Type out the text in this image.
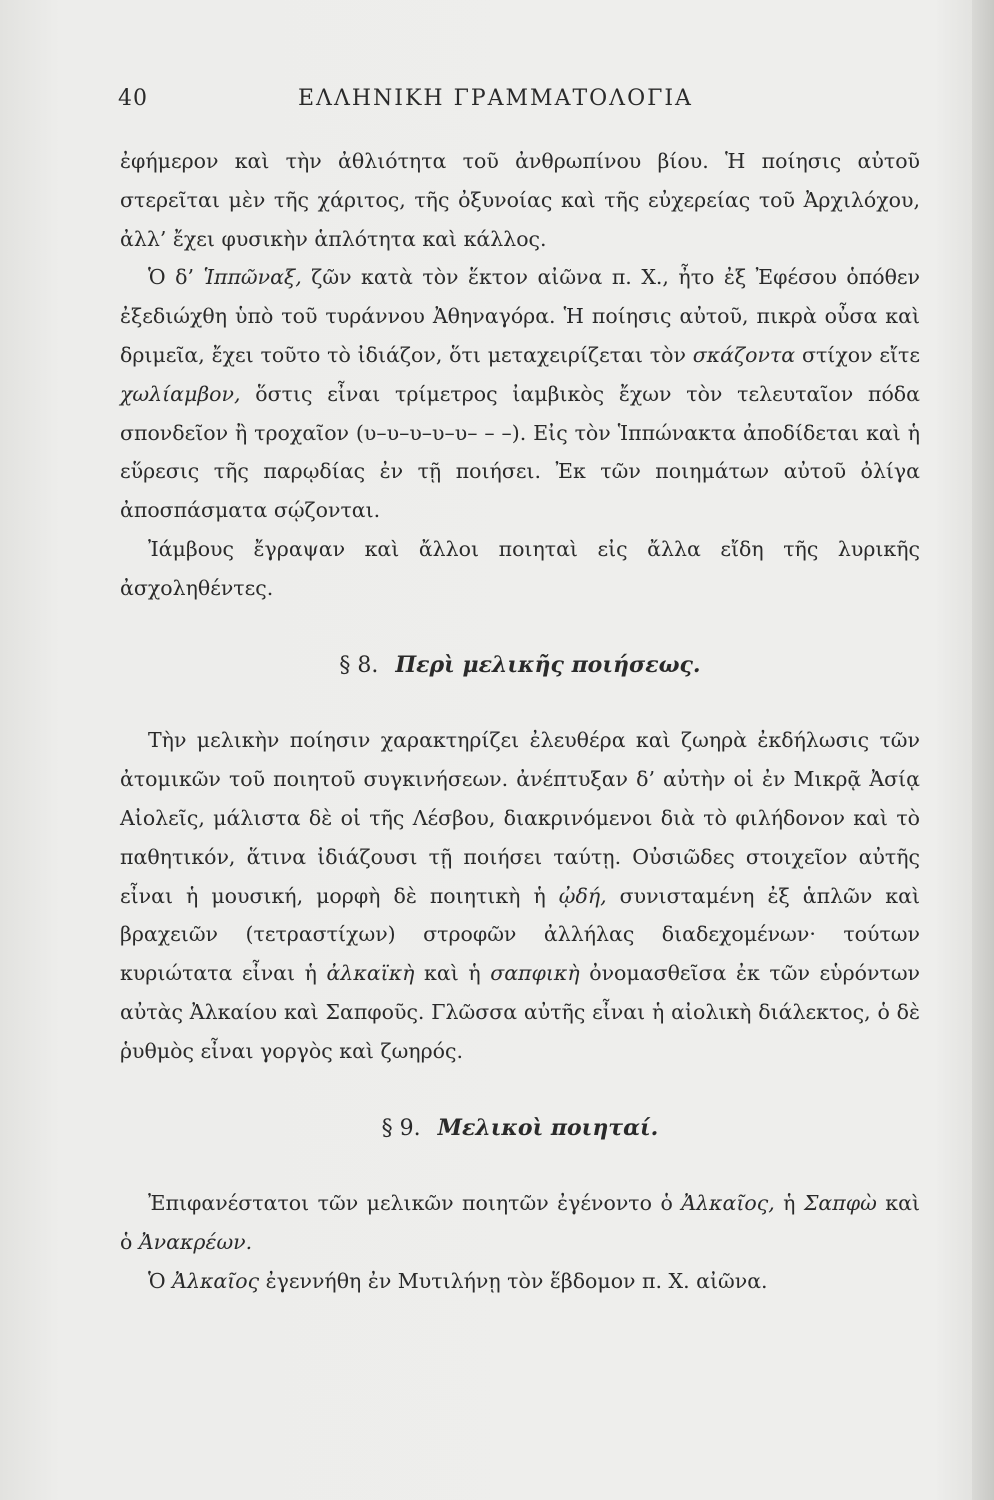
40	ΕΛΛΗΝΙΚΗ ΓΡΑΜΜΑΤΟΛΟΓΙΑ

ἐφήμερον καὶ τὴν ἀθλιότητα τοῦ ἀνθρωπίνου βίου. Ἡ ποίησις αὐτοῦ στερεῖται μὲν τῆς χάριτος, τῆς ὀξυνοίας καὶ τῆς εὐχερείας τοῦ Ἀρχιλόχου, ἀλλ’ ἔχει φυσικὴν ἁπλότητα καὶ κάλλος.

Ὁ δ’ Ἱππῶναξ, ζῶν κατὰ τὸν ἕκτον αἰῶνα π. Χ., ἦτο ἐξ Ἐφέσου ὁπόθεν ἐξεδιώχθη ὑπὸ τοῦ τυράννου Ἀθηναγόρα. Ἡ ποίησις αὐτοῦ, πικρὰ οὖσα καὶ δριμεῖα, ἔχει τοῦτο τὸ ἰδιάζον, ὅτι μεταχειρίζεται τὸν σκάζοντα στίχον εἴτε χωλίαμβον, ὅστις εἶναι τρίμετρος ἰαμβικὸς ἔχων τὸν τελευταῖον πόδα σπονδεῖον ἢ τροχαῖον (υ–υ–υ–υ–υ– – –). Εἰς τὸν Ἱππώνακτα ἀποδίδεται καὶ ἡ εὕρεσις τῆς παρῳδίας ἐν τῇ ποιήσει. Ἐκ τῶν ποιημάτων αὐτοῦ ὀλίγα ἀποσπάσματα σῴζονται.

Ἰάμβους ἔγραψαν καὶ ἄλλοι ποιηταὶ εἰς ἄλλα εἴδη τῆς λυρικῆς ἀσχοληθέντες.

§ 8. Περὶ μελικῆς ποιήσεως.

Τὴν μελικὴν ποίησιν χαρακτηρίζει ἐλευθέρα καὶ ζωηρὰ ἐκδήλωσις τῶν ἀτομικῶν τοῦ ποιητοῦ συγκινήσεων. ἀνέπτυξαν δ’ αὐτὴν οἱ ἐν Μικρᾷ Ἀσίᾳ Αἰολεῖς, μάλιστα δὲ οἱ τῆς Λέσβου, διακρινόμενοι διὰ τὸ φιλήδονον καὶ τὸ παθητικόν, ἅτινα ἰδιάζουσι τῇ ποιήσει ταύτῃ. Οὐσιῶδες στοιχεῖον αὐτῆς εἶναι ἡ μουσική, μορφὴ δὲ ποιητικὴ ἡ ᾠδή, συνισταμένη ἐξ ἁπλῶν καὶ βραχειῶν (τετραστίχων) στροφῶν ἀλλήλας διαδεχομένων· τούτων κυριώτατα εἶναι ἡ ἀλκαϊκὴ καὶ ἡ σαπφικὴ ὀνομασθεῖσα ἐκ τῶν εὑρόντων αὐτὰς Ἀλκαίου καὶ Σαπφοῦς. Γλῶσσα αὐτῆς εἶναι ἡ αἰολικὴ διάλεκτος, ὁ δὲ ῥυθμὸς εἶναι γοργὸς καὶ ζωηρός.

§ 9. Μελικοὶ ποιηταί.

Ἐπιφανέστατοι τῶν μελικῶν ποιητῶν ἐγένοντο ὁ Ἀλκαῖος, ἡ Σαπφὼ καὶ ὁ Ἀνακρέων.

Ὁ Ἀλκαῖος ἐγεννήθη ἐν Μυτιλήνῃ τὸν ἕβδομον π. Χ. αἰῶνα.
